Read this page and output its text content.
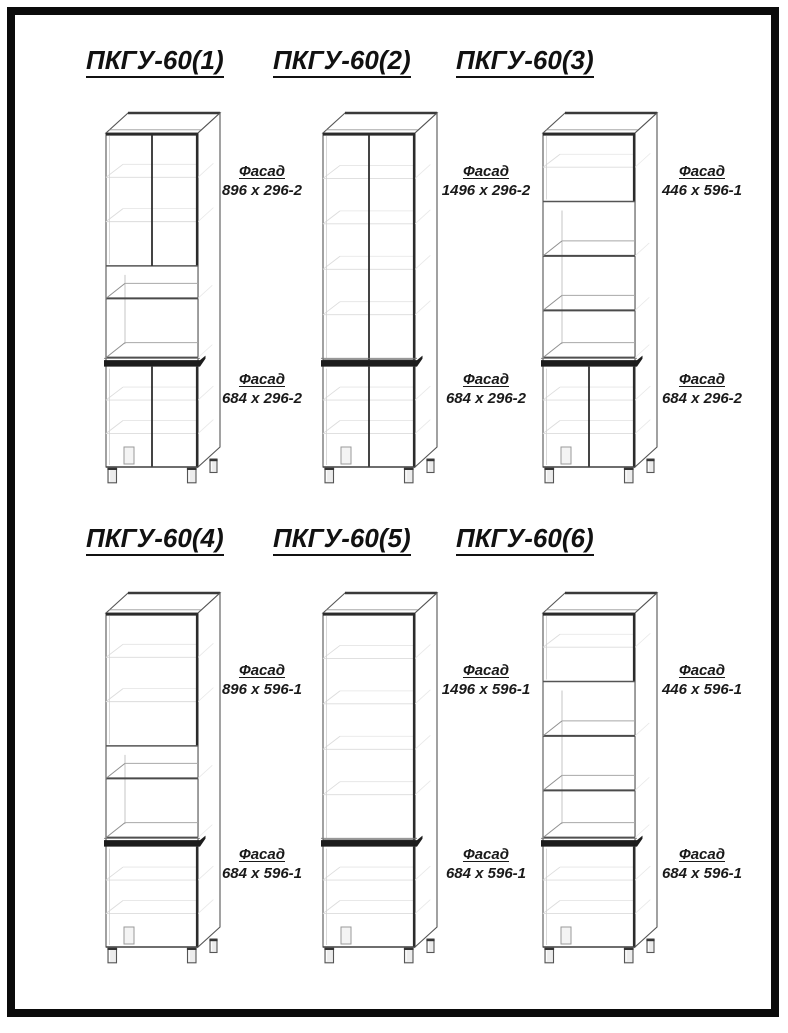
ПКГУ-60(1)
Фасад
896 x 296-2
Фасад
684 x 296-2
ПКГУ-60(2)
Фасад
1496 x 296-2
Фасад
684 x 296-2
ПКГУ-60(3)
Фасад
446 x 596-1
Фасад
684 x 296-2
ПКГУ-60(4)
Фасад
896 x 596-1
Фасад
684 x 596-1
ПКГУ-60(5)
Фасад
1496 x 596-1
Фасад
684 x 596-1
ПКГУ-60(6)
Фасад
446 x 596-1
Фасад
684 x 596-1
